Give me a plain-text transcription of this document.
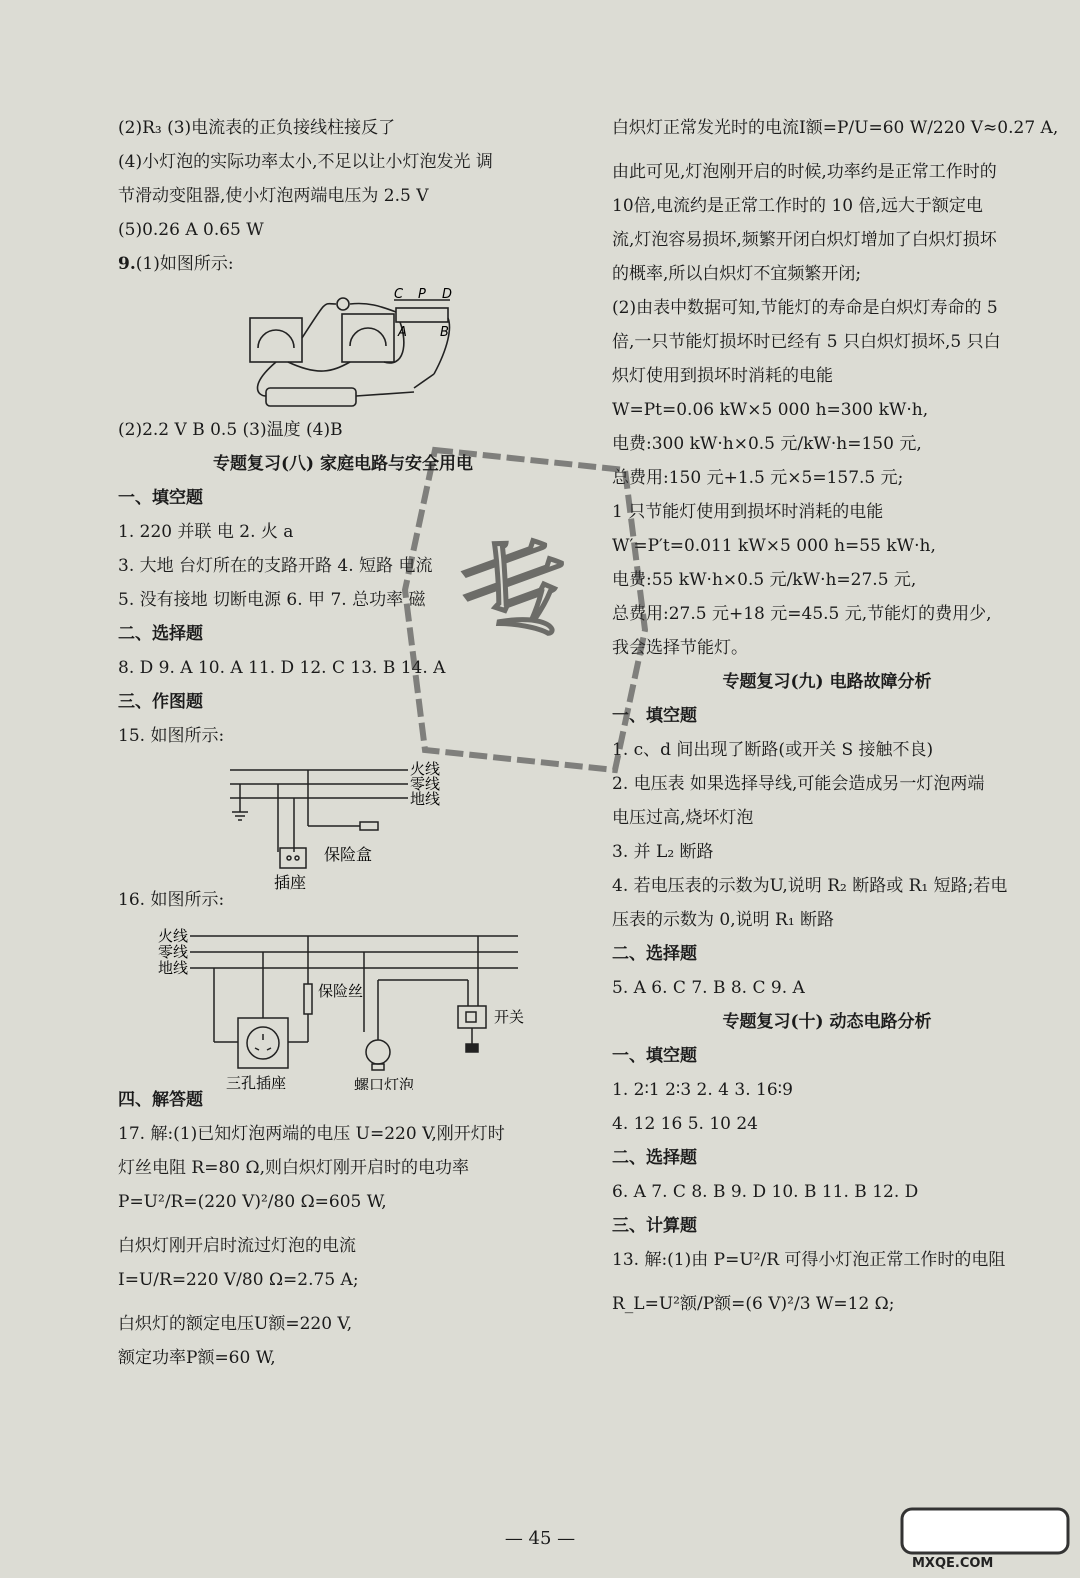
(2)R₃ (3)电流表的正负接线柱接反了
(4)小灯泡的实际功率太小,不足以让小灯泡发光 调
节滑动变阻器,使小灯泡两端电压为 2.5 V
(5)0.26 A 0.65 W
9.(1)如图所示:
C P D
A	B
(2)2.2 V B 0.5 (3)温度 (4)B
专题复习(八) 家庭电路与安全用电
一、填空题
1. 220 并联 电 2. 火 a
3. 大地 台灯所在的支路开路 4. 短路 电流
5. 没有接地 切断电源 6. 甲 7. 总功率 磁
二、选择题
8. D 9. A 10. A 11. D 12. C 13. B 14. A
三、作图题
15. 如图所示:
火线
零线
地线
保险盒
插座
16. 如图所示:
火线
零线
地线
保险丝
开关
三孔插座	螺口灯泡
四、解答题
17. 解:(1)已知灯泡两端的电压 U=220 V,刚开灯时
灯丝电阻 R=80 Ω,则白炽灯刚开启时的电功率
P=U²/R=(220 V)²/80 Ω=605 W,
白炽灯刚开启时流过灯泡的电流
I=U/R=220 V/80 Ω=2.75 A;
白炽灯的额定电压U额=220 V,
额定功率P额=60 W,
白炽灯正常发光时的电流I额=P/U=60 W/220 V≈0.27 A,
由此可见,灯泡刚开启的时候,功率约是正常工作时的
10倍,电流约是正常工作时的 10 倍,远大于额定电
流,灯泡容易损坏,频繁开闭白炽灯增加了白炽灯损坏
的概率,所以白炽灯不宜频繁开闭;
(2)由表中数据可知,节能灯的寿命是白炽灯寿命的 5
倍,一只节能灯损坏时已经有 5 只白炽灯损坏,5 只白
炽灯使用到损坏时消耗的电能
W=Pt=0.06 kW×5 000 h=300 kW·h,
电费:300 kW·h×0.5 元/kW·h=150 元,
总费用:150 元+1.5 元×5=157.5 元;
1 只节能灯使用到损坏时消耗的电能
W′=P′t=0.011 kW×5 000 h=55 kW·h,
电费:55 kW·h×0.5 元/kW·h=27.5 元,
总费用:27.5 元+18 元=45.5 元,节能灯的费用少,
我会选择节能灯。
专题复习(九) 电路故障分析
一、填空题
1. c、d 间出现了断路(或开关 S 接触不良)
2. 电压表 如果选择导线,可能会造成另一灯泡两端
电压过高,烧坏灯泡
3. 并 L₂ 断路
4. 若电压表的示数为U,说明 R₂ 断路或 R₁ 短路;若电
压表的示数为 0,说明 R₁ 断路
二、选择题
5. A 6. C 7. B 8. C 9. A
专题复习(十) 动态电路分析
一、填空题
1. 2∶1 2∶3 2. 4 3. 16∶9
4. 12 16 5. 10 24
二、选择题
6. A 7. C 8. B 9. D 10. B 11. B 12. D
三、计算题
13. 解:(1)由 P=U²/R 可得小灯泡正常工作时的电阻
R_L=U²额/P额=(6 V)²/3 W=12 Ω;
专
— 45 —
MXQE.COM
